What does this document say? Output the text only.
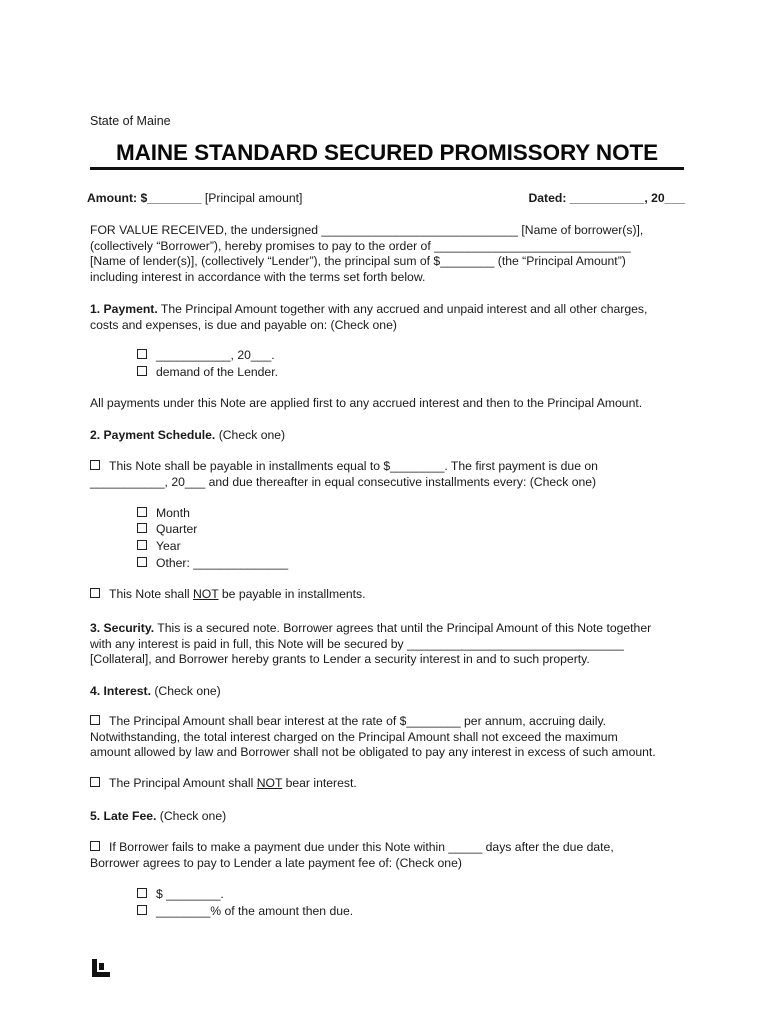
State of Maine
MAINE STANDARD SECURED PROMISSORY NOTE
Amount: $________ [Principal amount]	Dated: ___________, 20___
FOR VALUE RECEIVED, the undersigned _____________________________ [Name of borrower(s)],
(collectively “Borrower”), hereby promises to pay to the order of _____________________________
[Name of lender(s)], (collectively “Lender”), the principal sum of $________ (the “Principal Amount”)
including interest in accordance with the terms set forth below.
1. Payment. The Principal Amount together with any accrued and unpaid interest and all other charges,
costs and expenses, is due and payable on: (Check one)
___________, 20___.
demand of the Lender.
All payments under this Note are applied first to any accrued interest and then to the Principal Amount.
2. Payment Schedule. (Check one)
This Note shall be payable in installments equal to $________. The first payment is due on
___________, 20___ and due thereafter in equal consecutive installments every: (Check one)
Month
Quarter
Year
Other: ______________
This Note shall NOT be payable in installments.
3. Security. This is a secured note. Borrower agrees that until the Principal Amount of this Note together
with any interest is paid in full, this Note will be secured by ________________________________
[Collateral], and Borrower hereby grants to Lender a security interest in and to such property.
4. Interest. (Check one)
The Principal Amount shall bear interest at the rate of $________ per annum, accruing daily.
Notwithstanding, the total interest charged on the Principal Amount shall not exceed the maximum
amount allowed by law and Borrower shall not be obligated to pay any interest in excess of such amount.
The Principal Amount shall NOT bear interest.
5. Late Fee. (Check one)
If Borrower fails to make a payment due under this Note within _____ days after the due date,
Borrower agrees to pay to Lender a late payment fee of: (Check one)
$ ________.
________% of the amount then due.
